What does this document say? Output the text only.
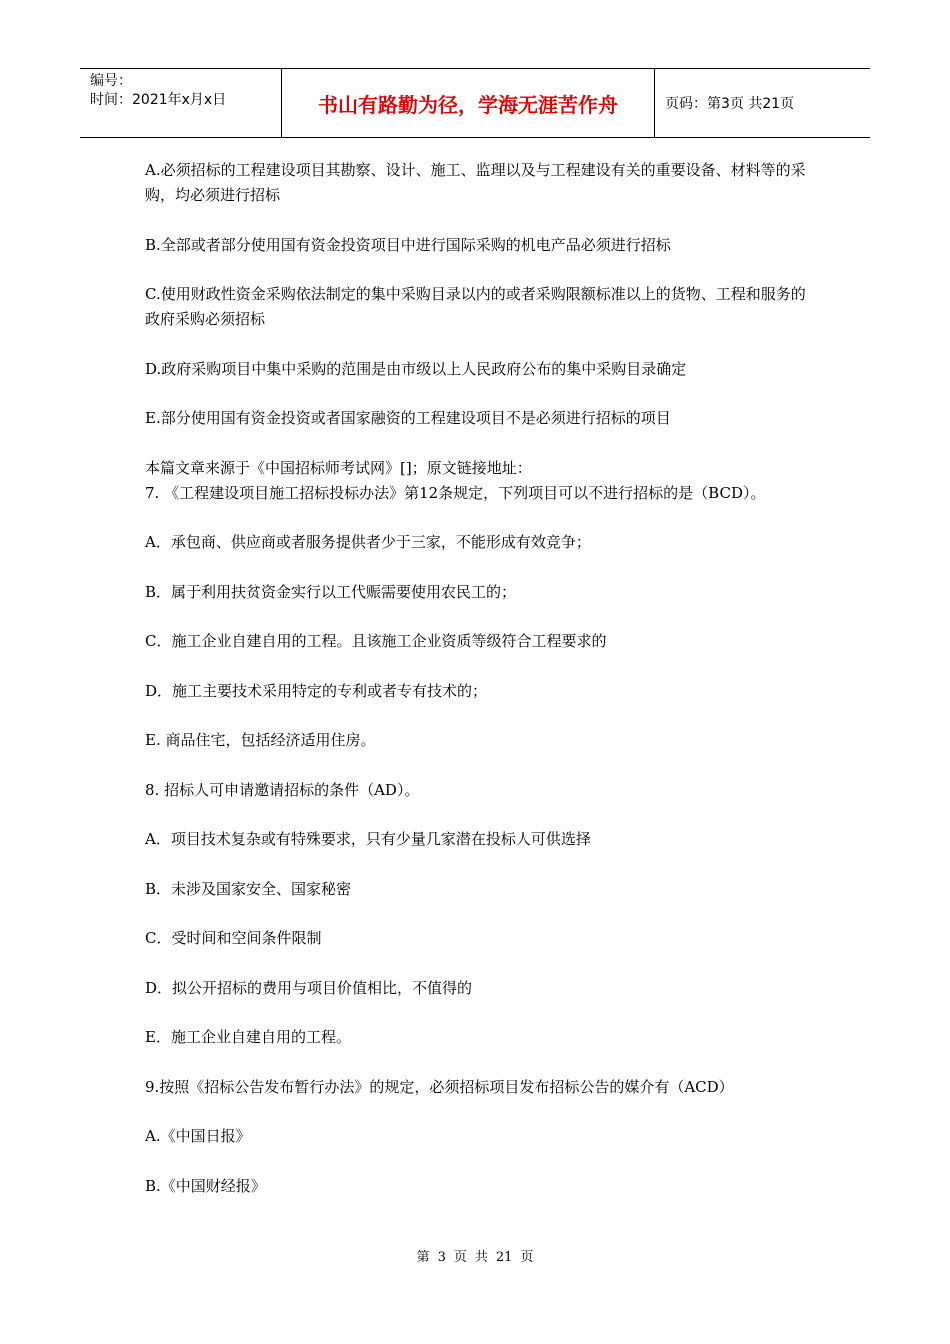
编号：
时间：2021年x月x日	书山有路勤为径，学海无涯苦作舟	页码：第3页 共21页

A.必须招标的工程建设项目其勘察、设计、施工、监理以及与工程建设有关的重要设备、材料等的采购，均必须进行招标

B.全部或者部分使用国有资金投资项目中进行国际采购的机电产品必须进行招标

C.使用财政性资金采购依法制定的集中采购目录以内的或者采购限额标准以上的货物、工程和服务的政府采购必须招标

D.政府采购项目中集中采购的范围是由市级以上人民政府公布的集中采购目录确定

E.部分使用国有资金投资或者国家融资的工程建设项目不是必须进行招标的项目

本篇文章来源于《中国招标师考试网》[]；原文链接地址：

7. 《工程建设项目施工招标投标办法》第12条规定，下列项目可以不进行招标的是（BCD）。

A．承包商、供应商或者服务提供者少于三家，不能形成有效竞争；

B．属于利用扶贫资金实行以工代赈需要使用农民工的；

C．施工企业自建自用的工程。且该施工企业资质等级符合工程要求的

D．施工主要技术采用特定的专利或者专有技术的；

E. 商品住宅，包括经济适用住房。

8. 招标人可申请邀请招标的条件（AD）。

A．项目技术复杂或有特殊要求，只有少量几家潜在投标人可供选择

B．未涉及国家安全、国家秘密

C．受时间和空间条件限制

D．拟公开招标的费用与项目价值相比，不值得的

E．施工企业自建自用的工程。

9.按照《招标公告发布暂行办法》的规定，必须招标项目发布招标公告的媒介有（ACD）

A.《中国日报》

B.《中国财经报》

第 3 页 共 21 页
